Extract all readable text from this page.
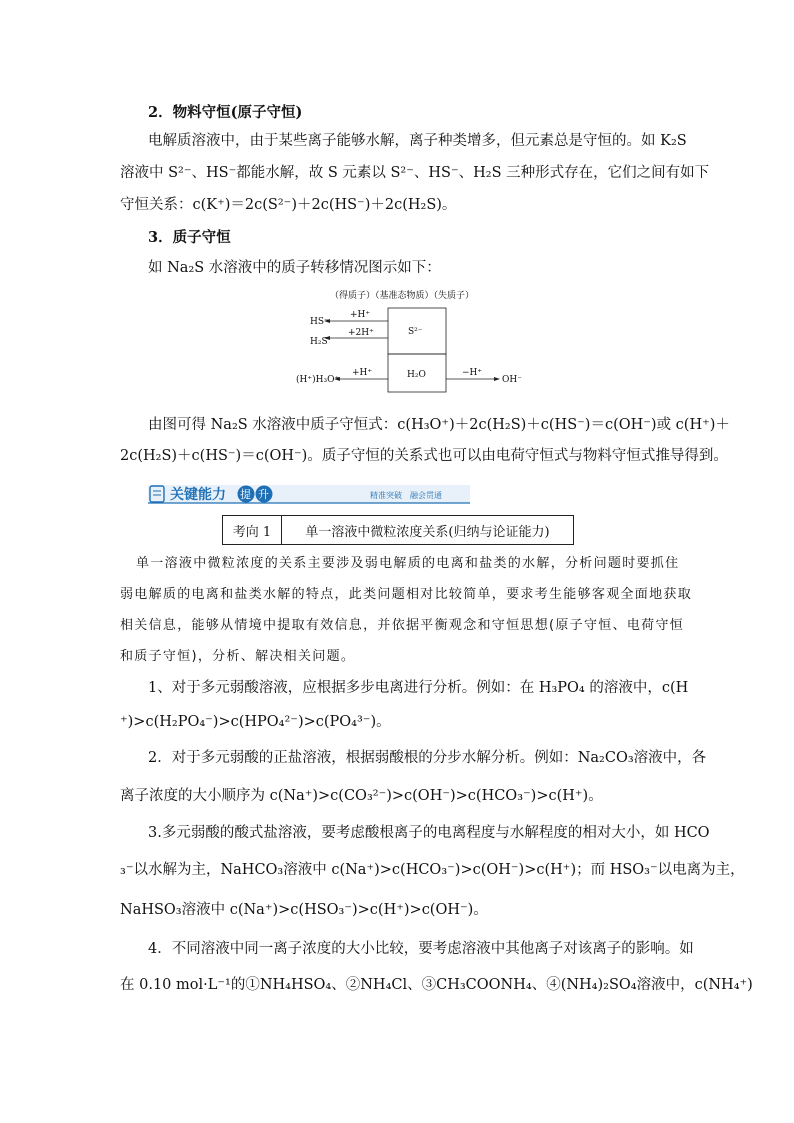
2．物料守恒(原子守恒)
电解质溶液中，由于某些离子能够水解，离子种类增多，但元素总是守恒的。如 K₂S
溶液中 S²⁻、HS⁻都能水解，故 S 元素以 S²⁻、HS⁻、H₂S 三种形式存在，它们之间有如下
守恒关系：c(K⁺)＝2c(S²⁻)＋2c(HS⁻)＋2c(H₂S)。
3．质子守恒
如 Na₂S 水溶液中的质子转移情况图示如下：
（得质子）（基准态物质）（失质子）
S²⁻
H₂O
+H⁺
HS⁻
+2H⁺
H₂S
+H⁺
(H⁺)H₃O⁺
−H⁺
OH⁻
由图可得 Na₂S 水溶液中质子守恒式：c(H₃O⁺)＋2c(H₂S)＋c(HS⁻)＝c(OH⁻)或 c(H⁺)＋
2c(H₂S)＋c(HS⁻)＝c(OH⁻)。质子守恒的关系式也可以由电荷守恒式与物料守恒式推导得到。
关键能力 提 升	精准突破　融会贯通
考向 1	单一溶液中微粒浓度关系(归纳与论证能力)
单一溶液中微粒浓度的关系主要涉及弱电解质的电离和盐类的水解，分析问题时要抓住
弱电解质的电离和盐类水解的特点，此类问题相对比较简单，要求考生能够客观全面地获取
相关信息，能够从情境中提取有效信息，并依据平衡观念和守恒思想(原子守恒、电荷守恒
和质子守恒)，分析、解决相关问题。
1、对于多元弱酸溶液，应根据多步电离进行分析。例如：在 H₃PO₄ 的溶液中，c(H
⁺)>c(H₂PO₄⁻)>c(HPO₄²⁻)>c(PO₄³⁻)。
2．对于多元弱酸的正盐溶液，根据弱酸根的分步水解分析。例如：Na₂CO₃溶液中，各
离子浓度的大小顺序为 c(Na⁺)>c(CO₃²⁻)>c(OH⁻)>c(HCO₃⁻)>c(H⁺)。
3.多元弱酸的酸式盐溶液，要考虑酸根离子的电离程度与水解程度的相对大小，如 HCO
₃⁻以水解为主，NaHCO₃溶液中 c(Na⁺)>c(HCO₃⁻)>c(OH⁻)>c(H⁺)；而 HSO₃⁻以电离为主，
NaHSO₃溶液中 c(Na⁺)>c(HSO₃⁻)>c(H⁺)>c(OH⁻)。
4．不同溶液中同一离子浓度的大小比较，要考虑溶液中其他离子对该离子的影响。如
在 0.10 mol·L⁻¹的①NH₄HSO₄、②NH₄Cl、③CH₃COONH₄、④(NH₄)₂SO₄溶液中，c(NH₄⁺)
